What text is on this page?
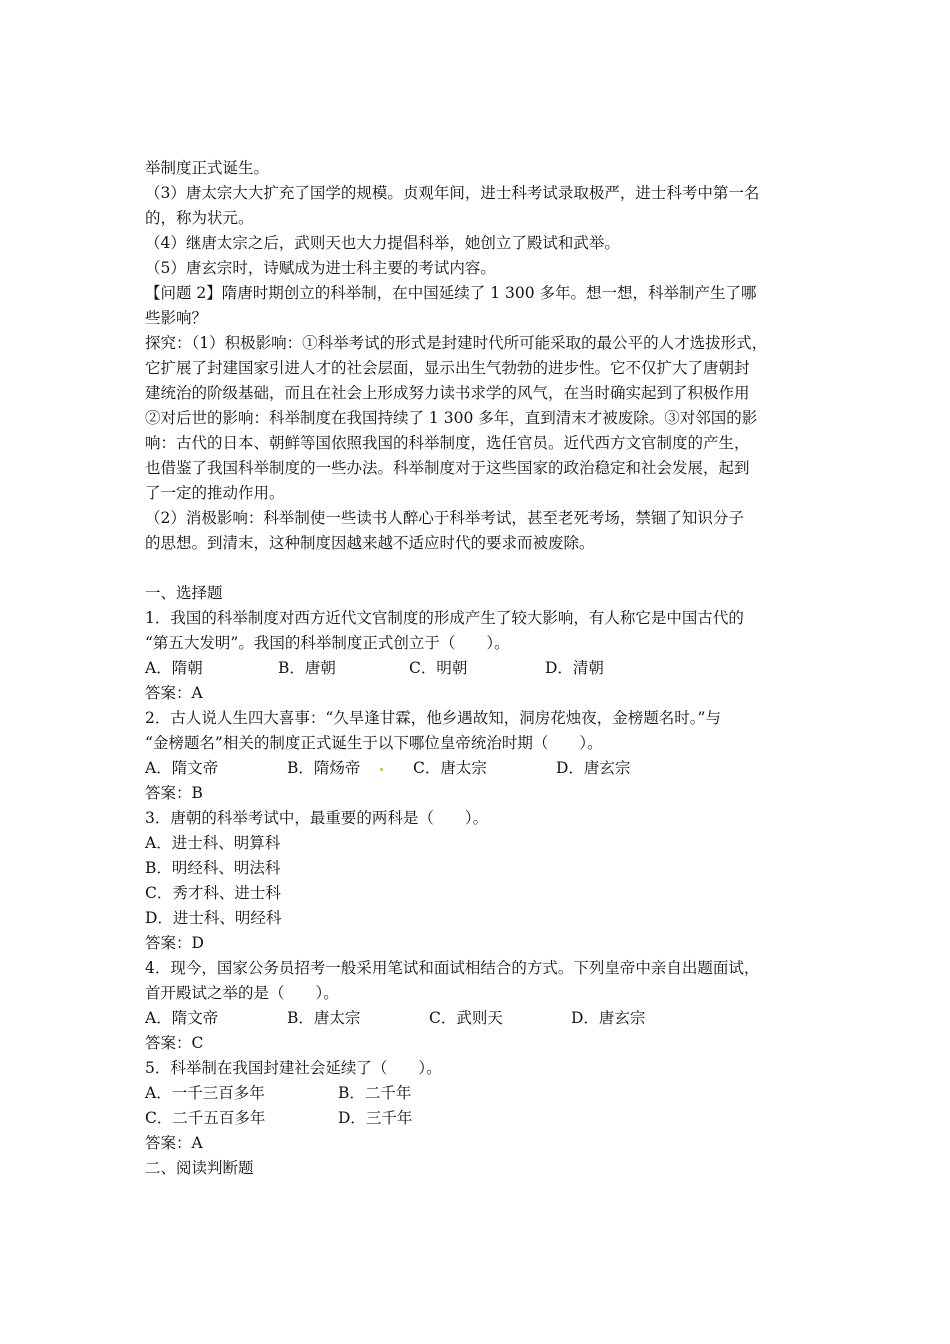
举制度正式诞生。
（3）唐太宗大大扩充了国学的规模。贞观年间，进士科考试录取极严，进士科考中第一名
的，称为状元。
（4）继唐太宗之后，武则天也大力提倡科举，她创立了殿试和武举。
（5）唐玄宗时，诗赋成为进士科主要的考试内容。
【问题 2】隋唐时期创立的科举制，在中国延续了 1 300 多年。想一想，科举制产生了哪
些影响？
探究：（1）积极影响：①科举考试的形式是封建时代所可能采取的最公平的人才选拔形式，
它扩展了封建国家引进人才的社会层面，显示出生气勃勃的进步性。它不仅扩大了唐朝封
建统治的阶级基础，而且在社会上形成努力读书求学的风气，在当时确实起到了积极作用
②对后世的影响：科举制度在我国持续了 1 300 多年，直到清末才被废除。③对邻国的影
响：古代的日本、朝鲜等国依照我国的科举制度，选任官员。近代西方文官制度的产生，
也借鉴了我国科举制度的一些办法。科举制度对于这些国家的政治稳定和社会发展，起到
了一定的推动作用。
（2）消极影响：科举制使一些读书人醉心于科举考试，甚至老死考场，禁锢了知识分子
的思想。到清末，这种制度因越来越不适应时代的要求而被废除。
一、选择题
1．我国的科举制度对西方近代文官制度的形成产生了较大影响，有人称它是中国古代的
“第五大发明”。我国的科举制度正式创立于（　　）。
A．隋朝	B．唐朝	C．明朝	D．清朝
答案：A
2．古人说人生四大喜事：“久旱逢甘霖，他乡遇故知，洞房花烛夜，金榜题名时。”与
“金榜题名”相关的制度正式诞生于以下哪位皇帝统治时期（　　）。
A．隋文帝	B．隋炀帝	C．唐太宗	D．唐玄宗
答案：B
3．唐朝的科举考试中，最重要的两科是（　　）。
A．进士科、明算科
B．明经科、明法科
C．秀才科、进士科
D．进士科、明经科
答案：D
4．现今，国家公务员招考一般采用笔试和面试相结合的方式。下列皇帝中亲自出题面试，
首开殿试之举的是（　　）。
A．隋文帝	B．唐太宗	C．武则天	D．唐玄宗
答案：C
5．科举制在我国封建社会延续了（　　）。
A．一千三百多年	B．二千年
C．二千五百多年	D．三千年
答案：A
二、阅读判断题
